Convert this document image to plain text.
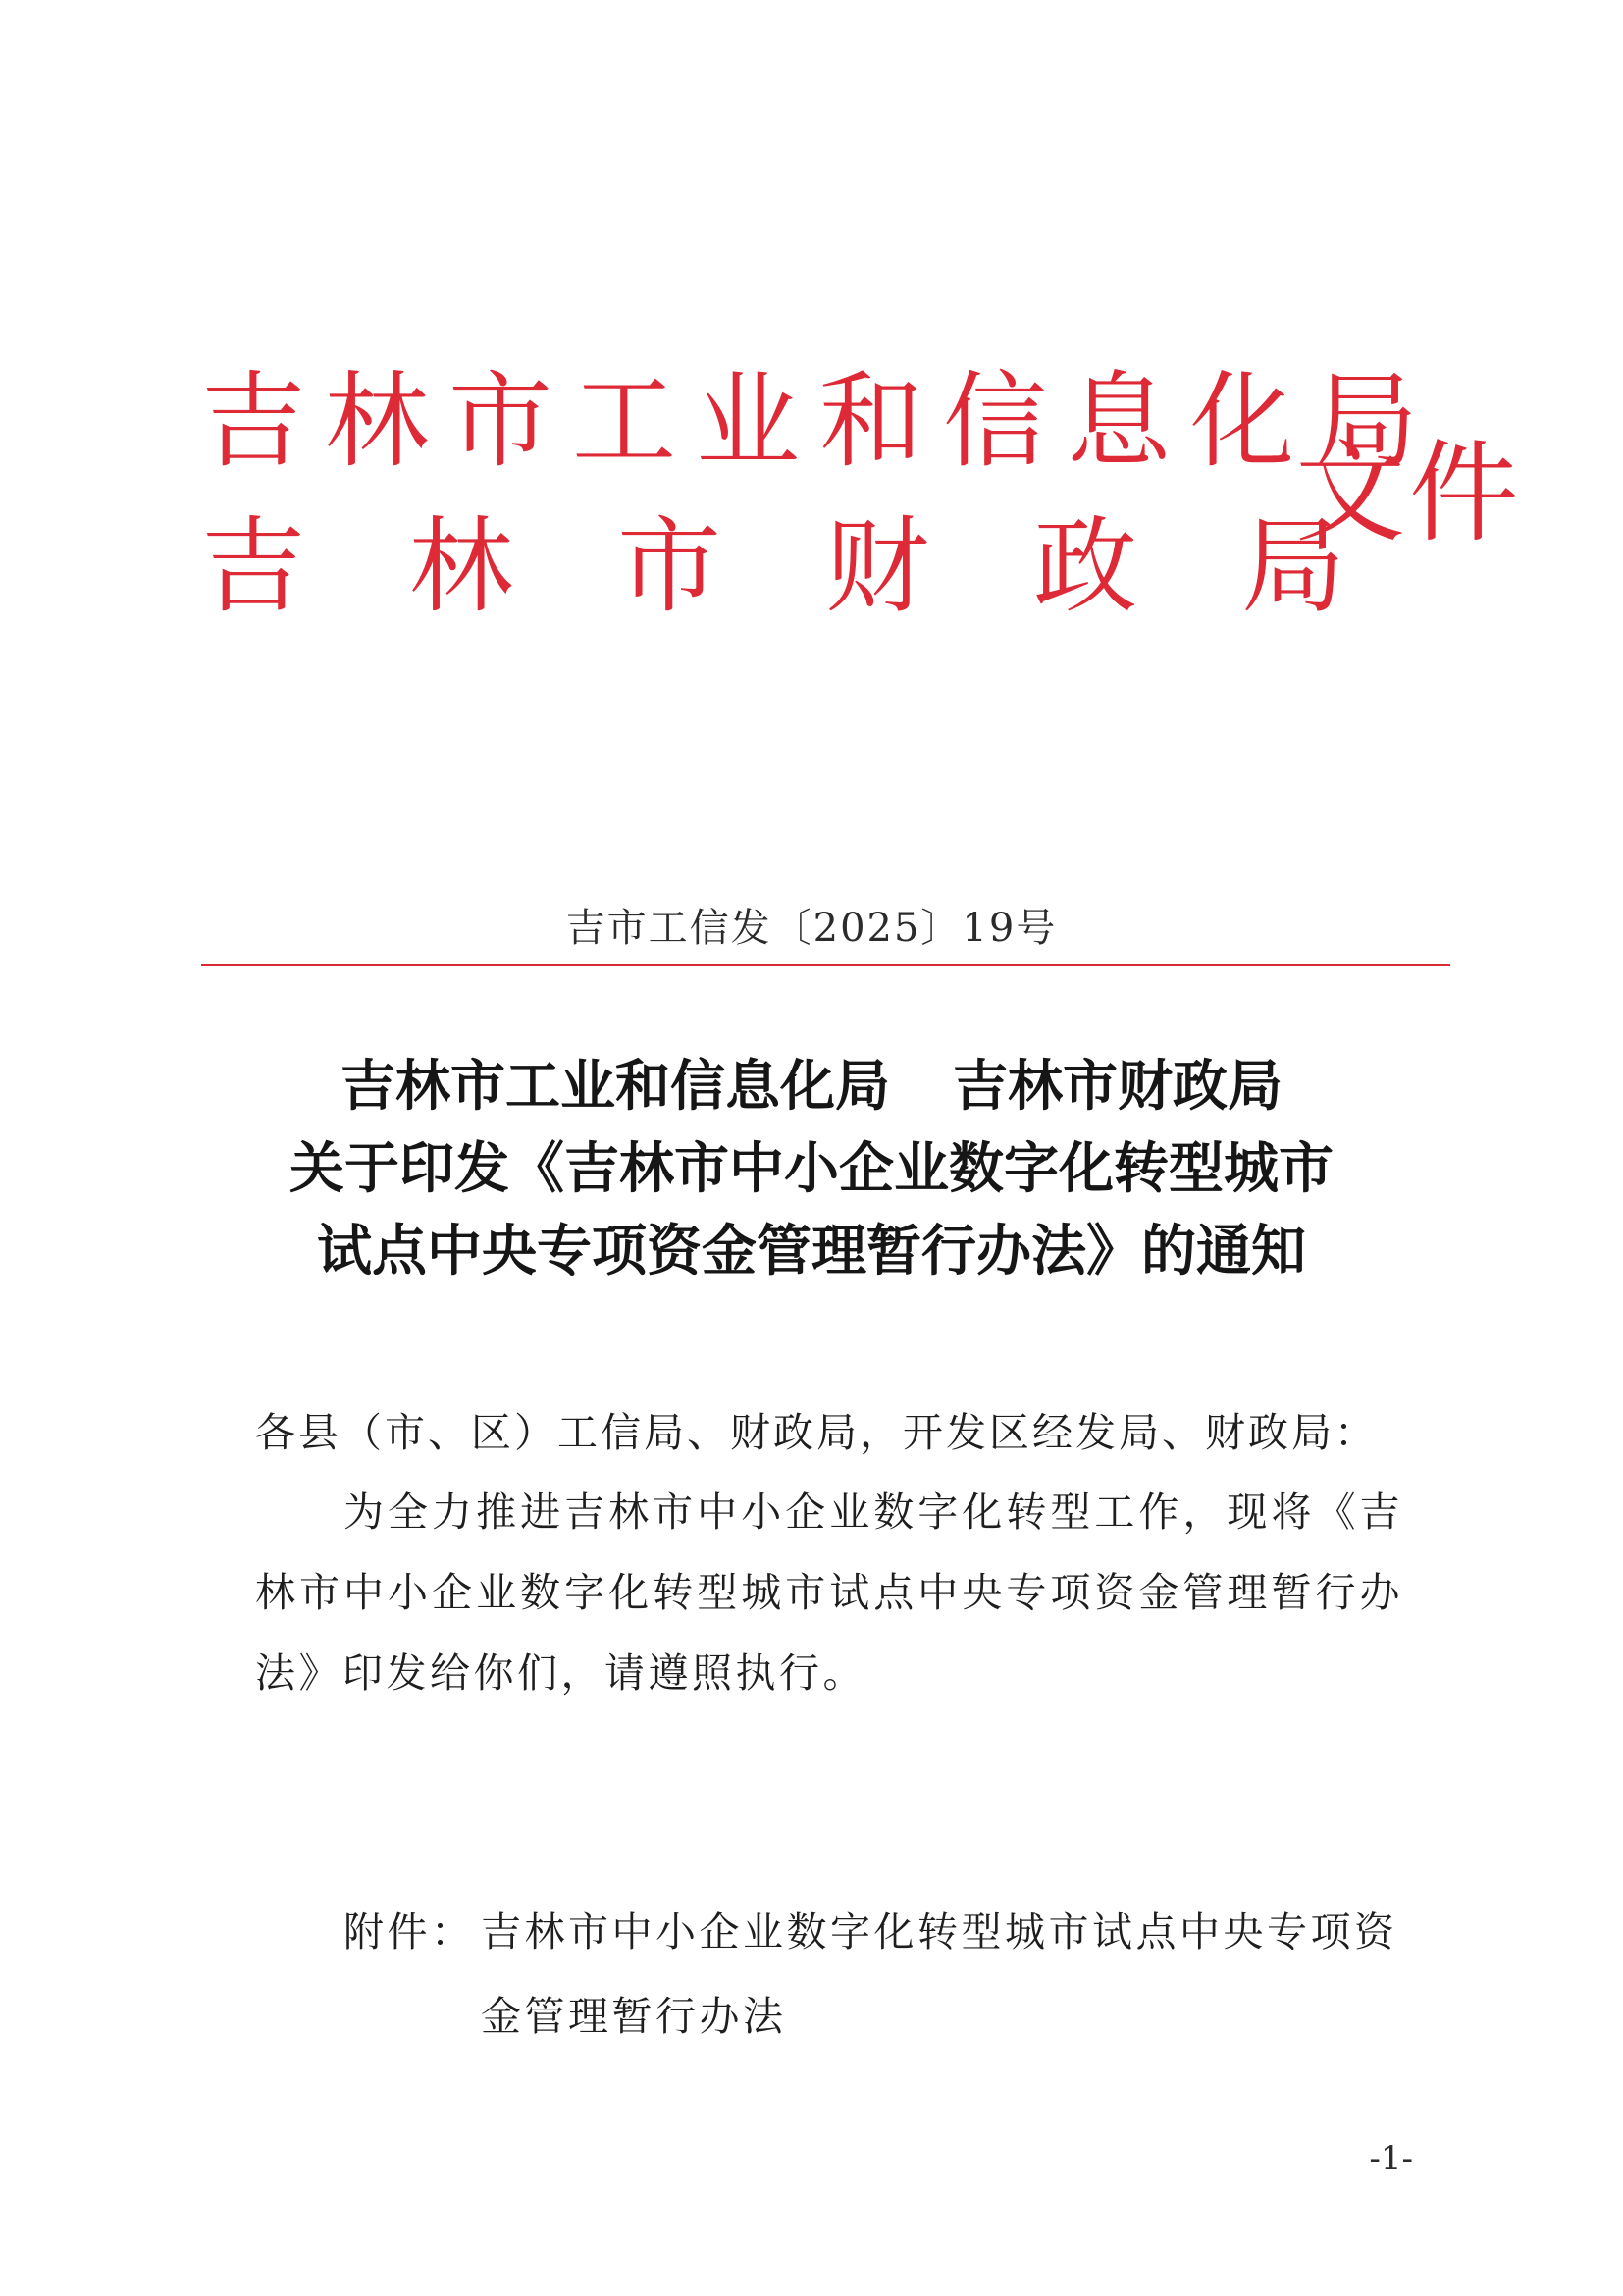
吉林市工业和信息化局
吉林市财政局
文件
吉市工信发〔2025〕19号
吉林市工业和信息化局 吉林市财政局
关于印发《吉林市中小企业数字化转型城市
试点中央专项资金管理暂行办法》的通知
各县（市、区）工信局、财政局，开发区经发局、财政局：
为全力推进吉林市中小企业数字化转型工作，现将《吉林市中小企业数字化转型城市试点中央专项资金管理暂行办法》印发给你们，请遵照执行。
附件： 吉林市中小企业数字化转型城市试点中央专项资金管理暂行办法
-1-
